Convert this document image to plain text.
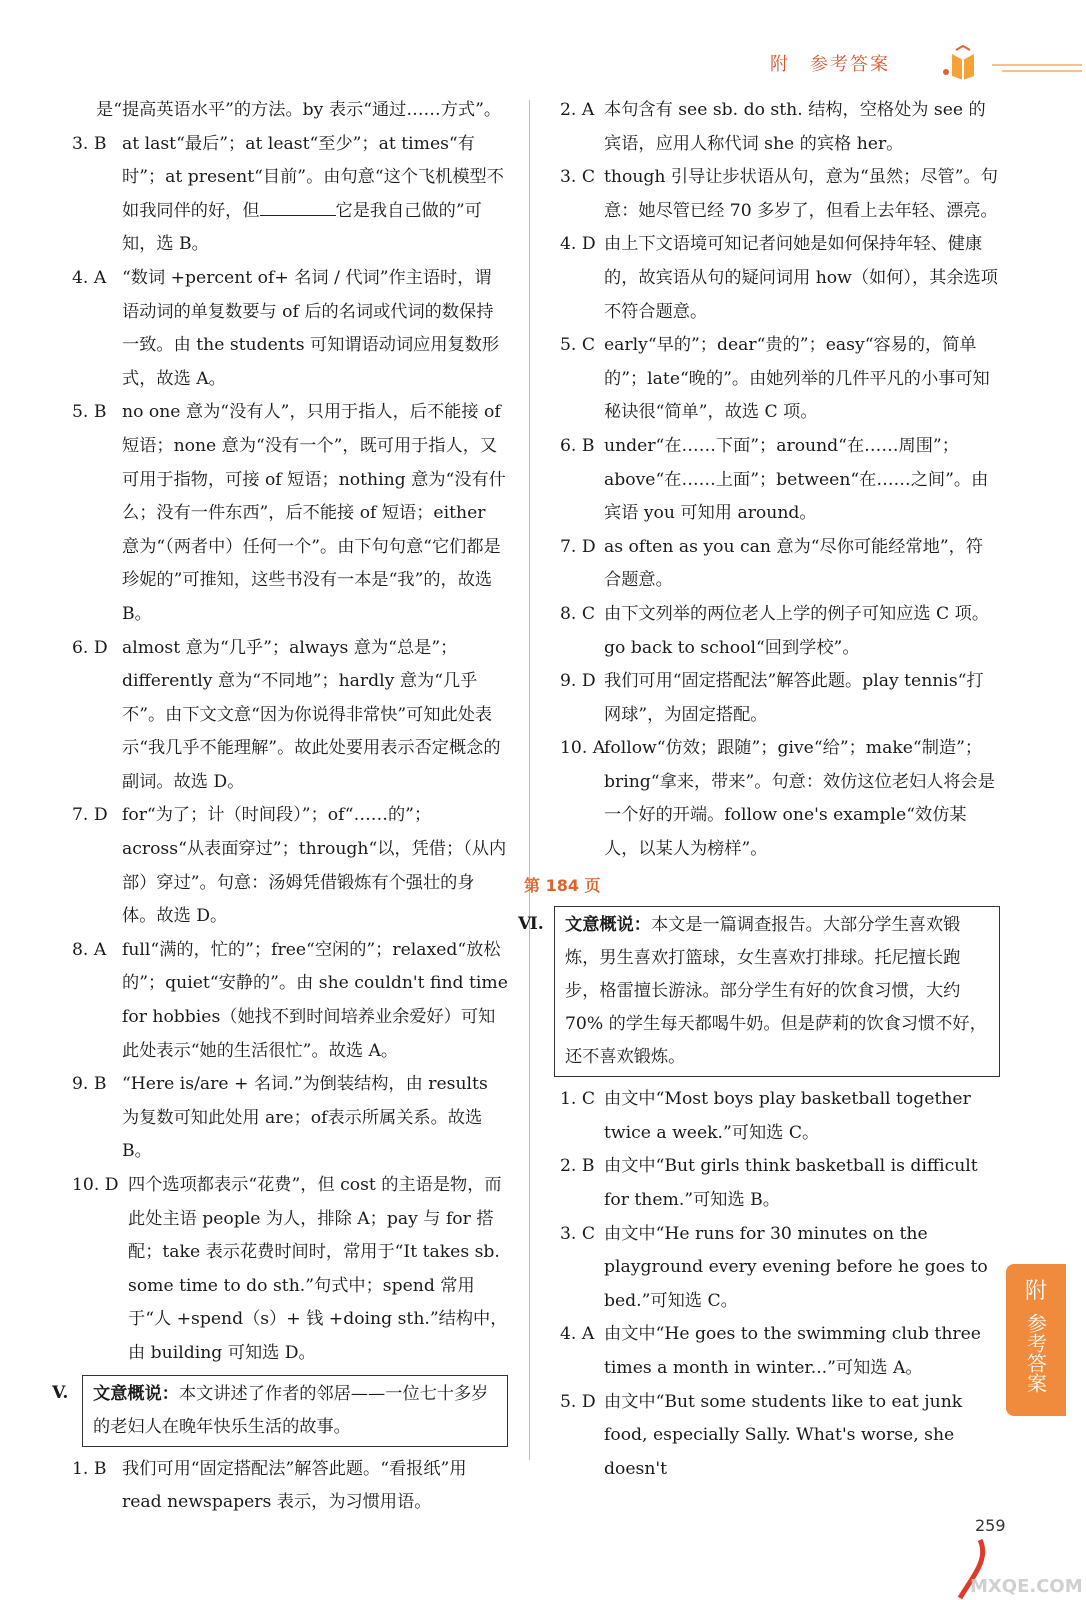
附　参考答案

是“提高英语水平”的方法。by 表示“通过……方式”。

3. B at last“最后”；at least“至少”；at times“有时”；at present“目前”。由句意“这个飞机模型不如我同伴的好，但	它是我自己做的”可知，选 B。
4. A “数词 +percent of+ 名词 / 代词”作主语时，谓语动词的单复数要与 of 后的名词或代词的数保持一致。由 the students 可知谓语动词应用复数形式，故选 A。
5. B no one 意为“没有人”，只用于指人，后不能接 of 短语；none 意为“没有一个”，既可用于指人，又可用于指物，可接 of 短语；nothing 意为“没有什么；没有一件东西”，后不能接 of 短语；either 意为“（两者中）任何一个”。由下句句意“它们都是珍妮的”可推知，这些书没有一本是“我”的，故选 B。
6. D almost 意为“几乎”；always 意为“总是”；differently 意为“不同地”；hardly 意为“几乎不”。由下文文意“因为你说得非常快”可知此处表示“我几乎不能理解”。故此处要用表示否定概念的副词。故选 D。
7. D for“为了；计（时间段）”；of“……的”；across“从表面穿过”；through“以，凭借；（从内部）穿过”。句意：汤姆凭借锻炼有个强壮的身体。故选 D。
8. A full“满的，忙的”；free“空闲的”；relaxed“放松的”；quiet“安静的”。由 she couldn't find time for hobbies（她找不到时间培养业余爱好）可知此处表示“她的生活很忙”。故选 A。
9. B “Here is/are + 名词.”为倒装结构，由 results 为复数可知此处用 are；of表示所属关系。故选B。
10. D 四个选项都表示“花费”，但 cost 的主语是物，而此处主语 people 为人，排除 A；pay 与 for 搭配；take 表示花费时间时，常用于“It takes sb. some time to do sth.”句式中；spend 常用于“人 +spend（s）+ 钱 +doing sth.”结构中，由 building 可知选 D。
V.	文意概说：本文讲述了作者的邻居——一位七十多岁的老妇人在晚年快乐生活的故事。
1. B 我们可用“固定搭配法”解答此题。“看报纸”用 read newspapers 表示，为习惯用语。
2. A 本句含有 see sb. do sth. 结构，空格处为 see 的宾语，应用人称代词 she 的宾格 her。
3. C though 引导让步状语从句，意为“虽然；尽管”。句意：她尽管已经 70 多岁了，但看上去年轻、漂亮。
4. D 由上下文语境可知记者问她是如何保持年轻、健康的，故宾语从句的疑问词用 how（如何），其余选项不符合题意。
5. C early“早的”；dear“贵的”；easy“容易的，简单的”；late“晚的”。由她列举的几件平凡的小事可知秘诀很“简单”，故选 C 项。
6. B under“在……下面”；around“在……周围”；above“在……上面”；between“在……之间”。由宾语 you 可知用 around。
7. D as often as you can 意为“尽你可能经常地”，符合题意。
8. C 由下文列举的两位老人上学的例子可知应选 C 项。go back to school“回到学校”。
9. D 我们可用“固定搭配法”解答此题。play tennis“打网球”，为固定搭配。
10. A
follow“仿效；跟随”；give“给”；make“制造”；bring“拿来，带来”。句意：效仿这位老妇人将会是一个好的开端。follow one's example“效仿某人，以某人为榜样”。
第 184 页
Ⅵ.	文意概说：本文是一篇调查报告。大部分学生喜欢锻炼，男生喜欢打篮球，女生喜欢打排球。托尼擅长跑步，格雷擅长游泳。部分学生有好的饮食习惯，大约 70% 的学生每天都喝牛奶。但是萨莉的饮食习惯不好，还不喜欢锻炼。
1. C 由文中“Most boys play basketball together twice a week.”可知选 C。
2. B 由文中“But girls think basketball is difficult for them.”可知选 B。
3. C 由文中“He runs for 30 minutes on the playground every evening before he goes to bed.”可知选 C。
4. A 由文中“He goes to the swimming club three times a month in winter...”可知选 A。
5. D 由文中“But some students like to eat junk food, especially Sally. What's worse, she doesn't
附
参考答案
259
MXQE.COM
